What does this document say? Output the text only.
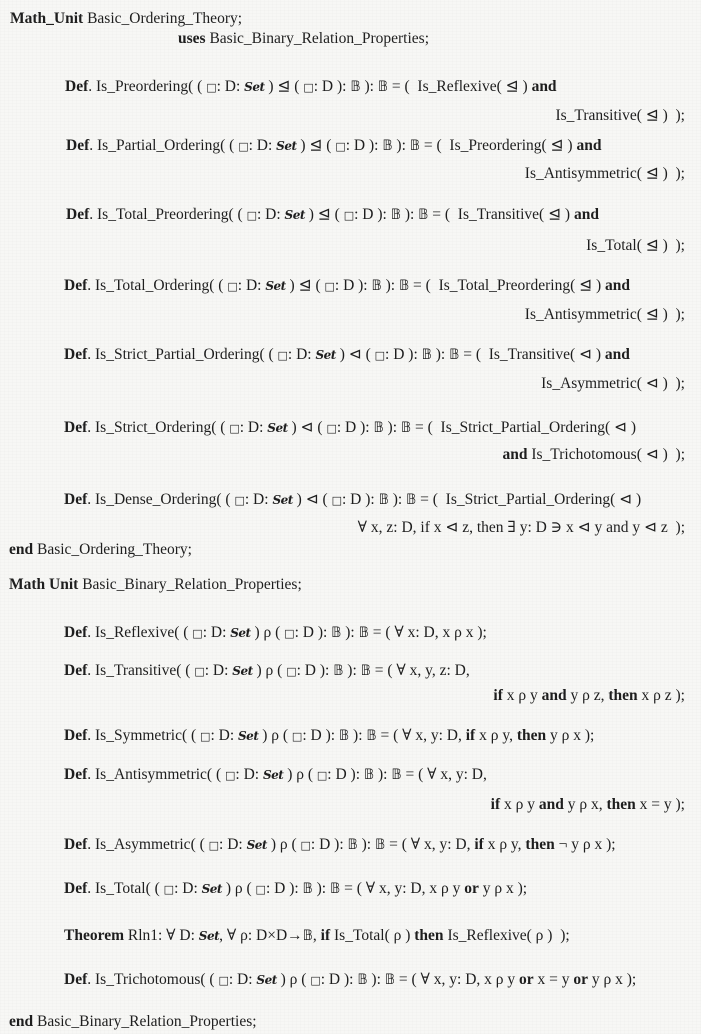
Math_Unit Basic_Ordering_Theory;
uses Basic_Binary_Relation_Properties;
Def. Is_Preordering( ( □: D: Set ) ⊴ ( □: D ): 𝔹 ): 𝔹 = (  Is_Reflexive( ⊴ ) and
Is_Transitive( ⊴ )  );
Def. Is_Partial_Ordering( ( □: D: Set ) ⊴ ( □: D ): 𝔹 ): 𝔹 = (  Is_Preordering( ⊴ ) and
Is_Antisymmetric( ⊴ )  );
Def. Is_Total_Preordering( ( □: D: Set ) ⊴ ( □: D ): 𝔹 ): 𝔹 = (  Is_Transitive( ⊴ ) and
Is_Total( ⊴ )  );
Def. Is_Total_Ordering( ( □: D: Set ) ⊴ ( □: D ): 𝔹 ): 𝔹 = (  Is_Total_Preordering( ⊴ ) and
Is_Antisymmetric( ⊴ )  );
Def. Is_Strict_Partial_Ordering( ( □: D: Set ) ⊲ ( □: D ): 𝔹 ): 𝔹 = (  Is_Transitive( ⊲ ) and
Is_Asymmetric( ⊲ )  );
Def. Is_Strict_Ordering( ( □: D: Set ) ⊲ ( □: D ): 𝔹 ): 𝔹 = (  Is_Strict_Partial_Ordering( ⊲ )
and Is_Trichotomous( ⊲ )  );
Def. Is_Dense_Ordering( ( □: D: Set ) ⊲ ( □: D ): 𝔹 ): 𝔹 = (  Is_Strict_Partial_Ordering( ⊲ )
∀ x, z: D, if x ⊲ z, then ∃ y: D ∋ x ⊲ y and y ⊲ z  );
end Basic_Ordering_Theory;
Math Unit Basic_Binary_Relation_Properties;
Def. Is_Reflexive( ( □: D: Set ) ρ ( □: D ): 𝔹 ): 𝔹 = ( ∀ x: D, x ρ x );
Def. Is_Transitive( ( □: D: Set ) ρ ( □: D ): 𝔹 ): 𝔹 = ( ∀ x, y, z: D,
if x ρ y and y ρ z, then x ρ z );
Def. Is_Symmetric( ( □: D: Set ) ρ ( □: D ): 𝔹 ): 𝔹 = ( ∀ x, y: D, if x ρ y, then y ρ x );
Def. Is_Antisymmetric( ( □: D: Set ) ρ ( □: D ): 𝔹 ): 𝔹 = ( ∀ x, y: D,
if x ρ y and y ρ x, then x = y );
Def. Is_Asymmetric( ( □: D: Set ) ρ ( □: D ): 𝔹 ): 𝔹 = ( ∀ x, y: D, if x ρ y, then ¬ y ρ x );
Def. Is_Total( ( □: D: Set ) ρ ( □: D ): 𝔹 ): 𝔹 = ( ∀ x, y: D, x ρ y or y ρ x );
Theorem Rln1: ∀ D: Set, ∀ ρ: D×D→𝔹, if Is_Total( ρ ) then Is_Reflexive( ρ )  );
Def. Is_Trichotomous( ( □: D: Set ) ρ ( □: D ): 𝔹 ): 𝔹 = ( ∀ x, y: D, x ρ y or x = y or y ρ x );
end Basic_Binary_Relation_Properties;
